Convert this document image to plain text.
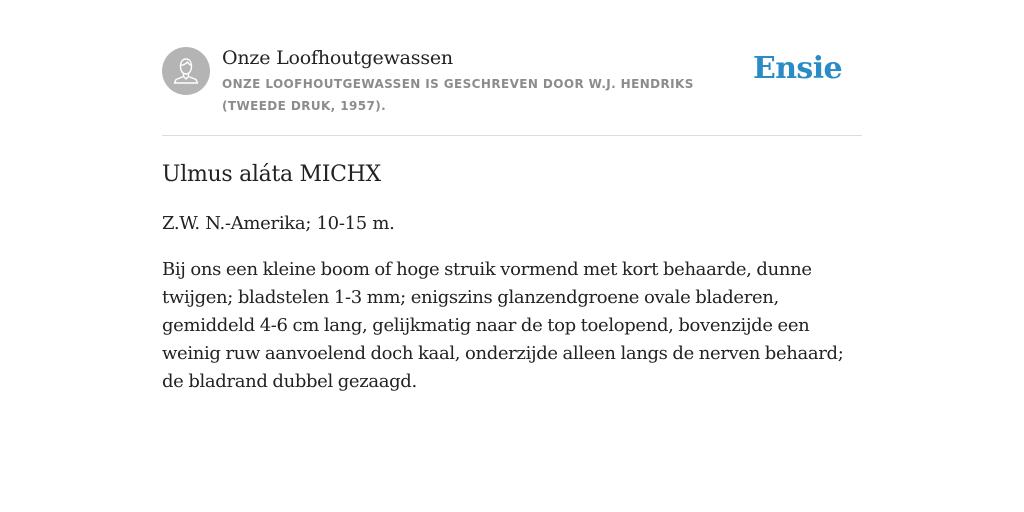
Onze Loofhoutgewassen
ONZE LOOFHOUTGEWASSEN IS GESCHREVEN DOOR W.J. HENDRIKS (TWEEDE DRUK, 1957).
Ensie
Ulmus aláta MICHX

Z.W. N.-Amerika; 10-15 m.

Bij ons een kleine boom of hoge struik vormend met kort behaarde, dunne twijgen; bladstelen 1-3 mm; enigszins glanzendgroene ovale bladeren, gemiddeld 4-6 cm lang, gelijkmatig naar de top toelopend, bovenzijde een weinig ruw aanvoelend doch kaal, onderzijde alleen langs de nerven behaard; de bladrand dubbel gezaagd.
